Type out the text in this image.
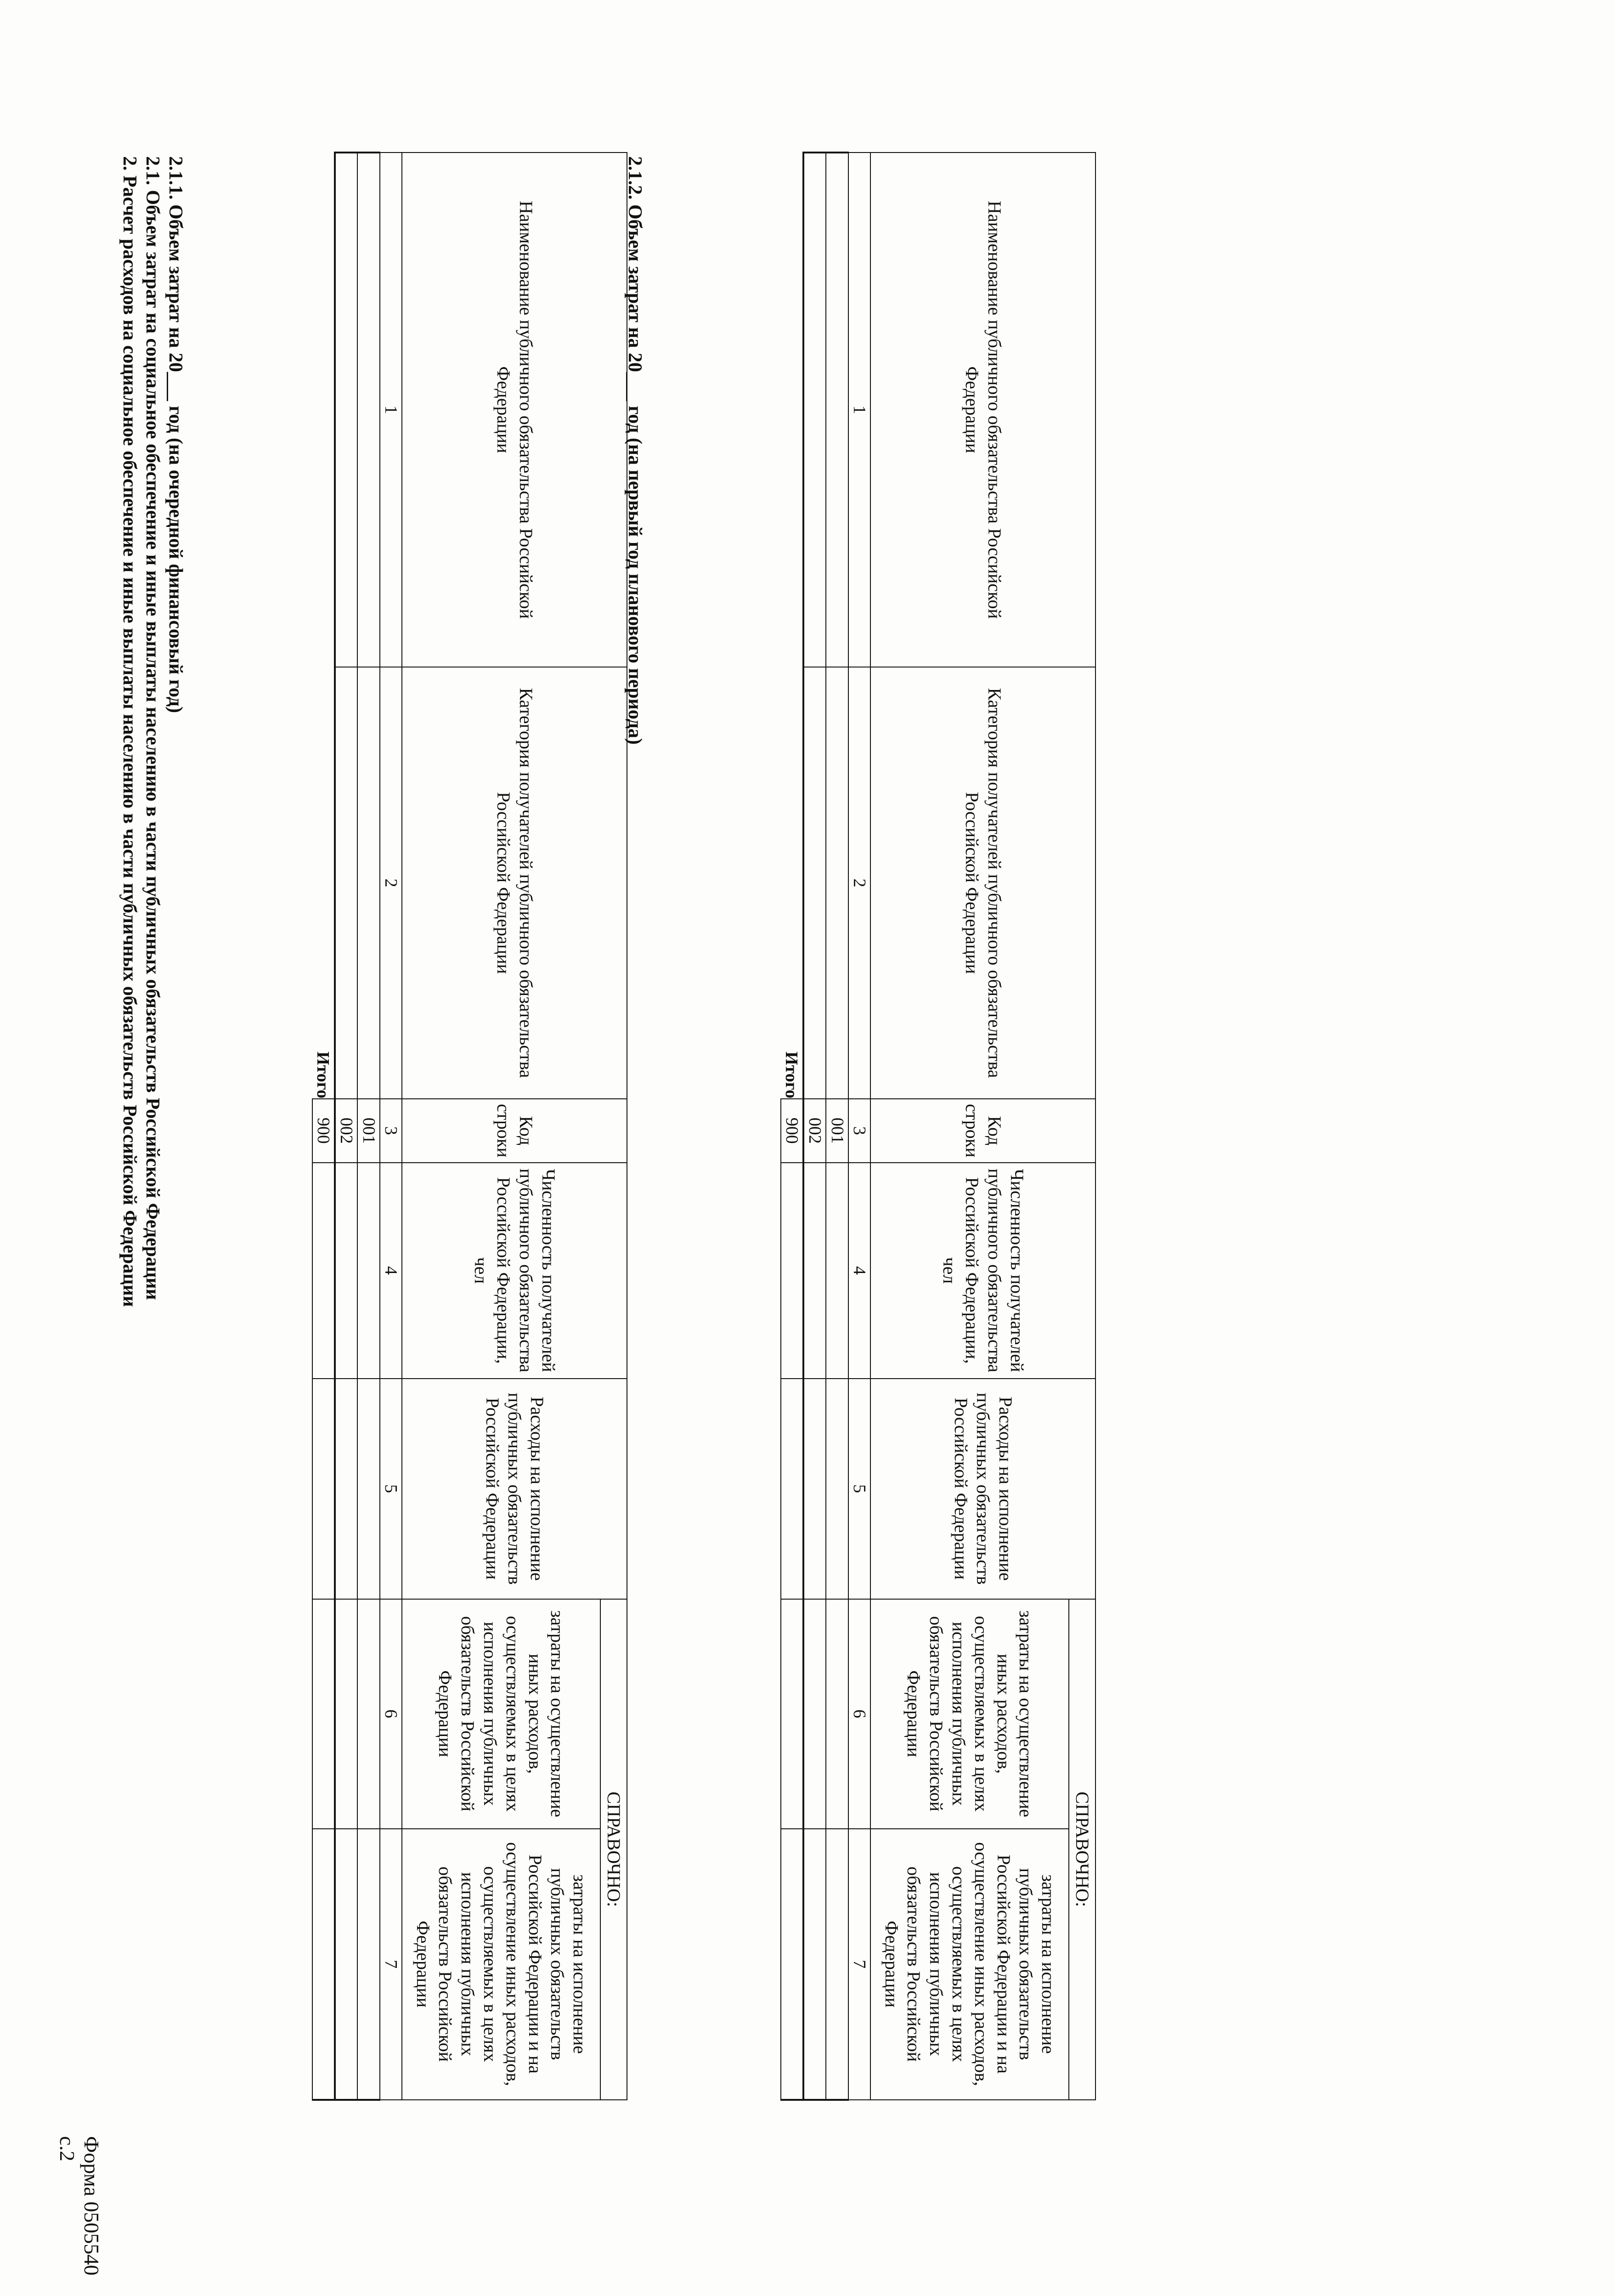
Форма 0505540 с.2
2. Расчет расходов на социальное обеспечение и иные выплаты населению в части публичных обязательств Российской Федерации 2.1. Объем затрат на социальное обеспечение и иные выплаты населению в части публичных обязательств Российской Федерации 2.1.1. Объем затрат на 20___ год (на очередной финансовый год)	Наименование публичного обязательства Российской Федерации	Категория получателей публичного обязательства Российской Федерации	Код строки	Численность получателей публичного обязательства Российской Федерации, чел	Расходы на исполнение публичных обязательств Российской Федерации	СПРАВОЧНО:	
					затраты на осуществление иных расходов, осуществляемых в целях исполнения публичных обязательств Российской Федерации	затраты на исполнение публичных обязательств Российской Федерации и на осуществление иных расходов, осуществляемых в целях исполнения публичных обязательств Российской Федерации
1	2	3	4	5	6	7
		001				
		002				
Итого		900				
2.1.2. Объем затрат на 20___ год (на первый год планового периода)	Наименование публичного обязательства Российской Федерации	Категория получателей публичного обязательства Российской Федерации	Код строки	Численность получателей публичного обязательства Российской Федерации, чел	Расходы на исполнение публичных обязательств Российской Федерации	СПРАВОЧНО:	
					затраты на осуществление иных расходов, осуществляемых в целях исполнения публичных обязательств Российской Федерации	затраты на исполнение публичных обязательств Российской Федерации и на осуществление иных расходов, осуществляемых в целях исполнения публичных обязательств Российской Федерации
1	2	3	4	5	6	7
		001				
		002				
Итого		900				
